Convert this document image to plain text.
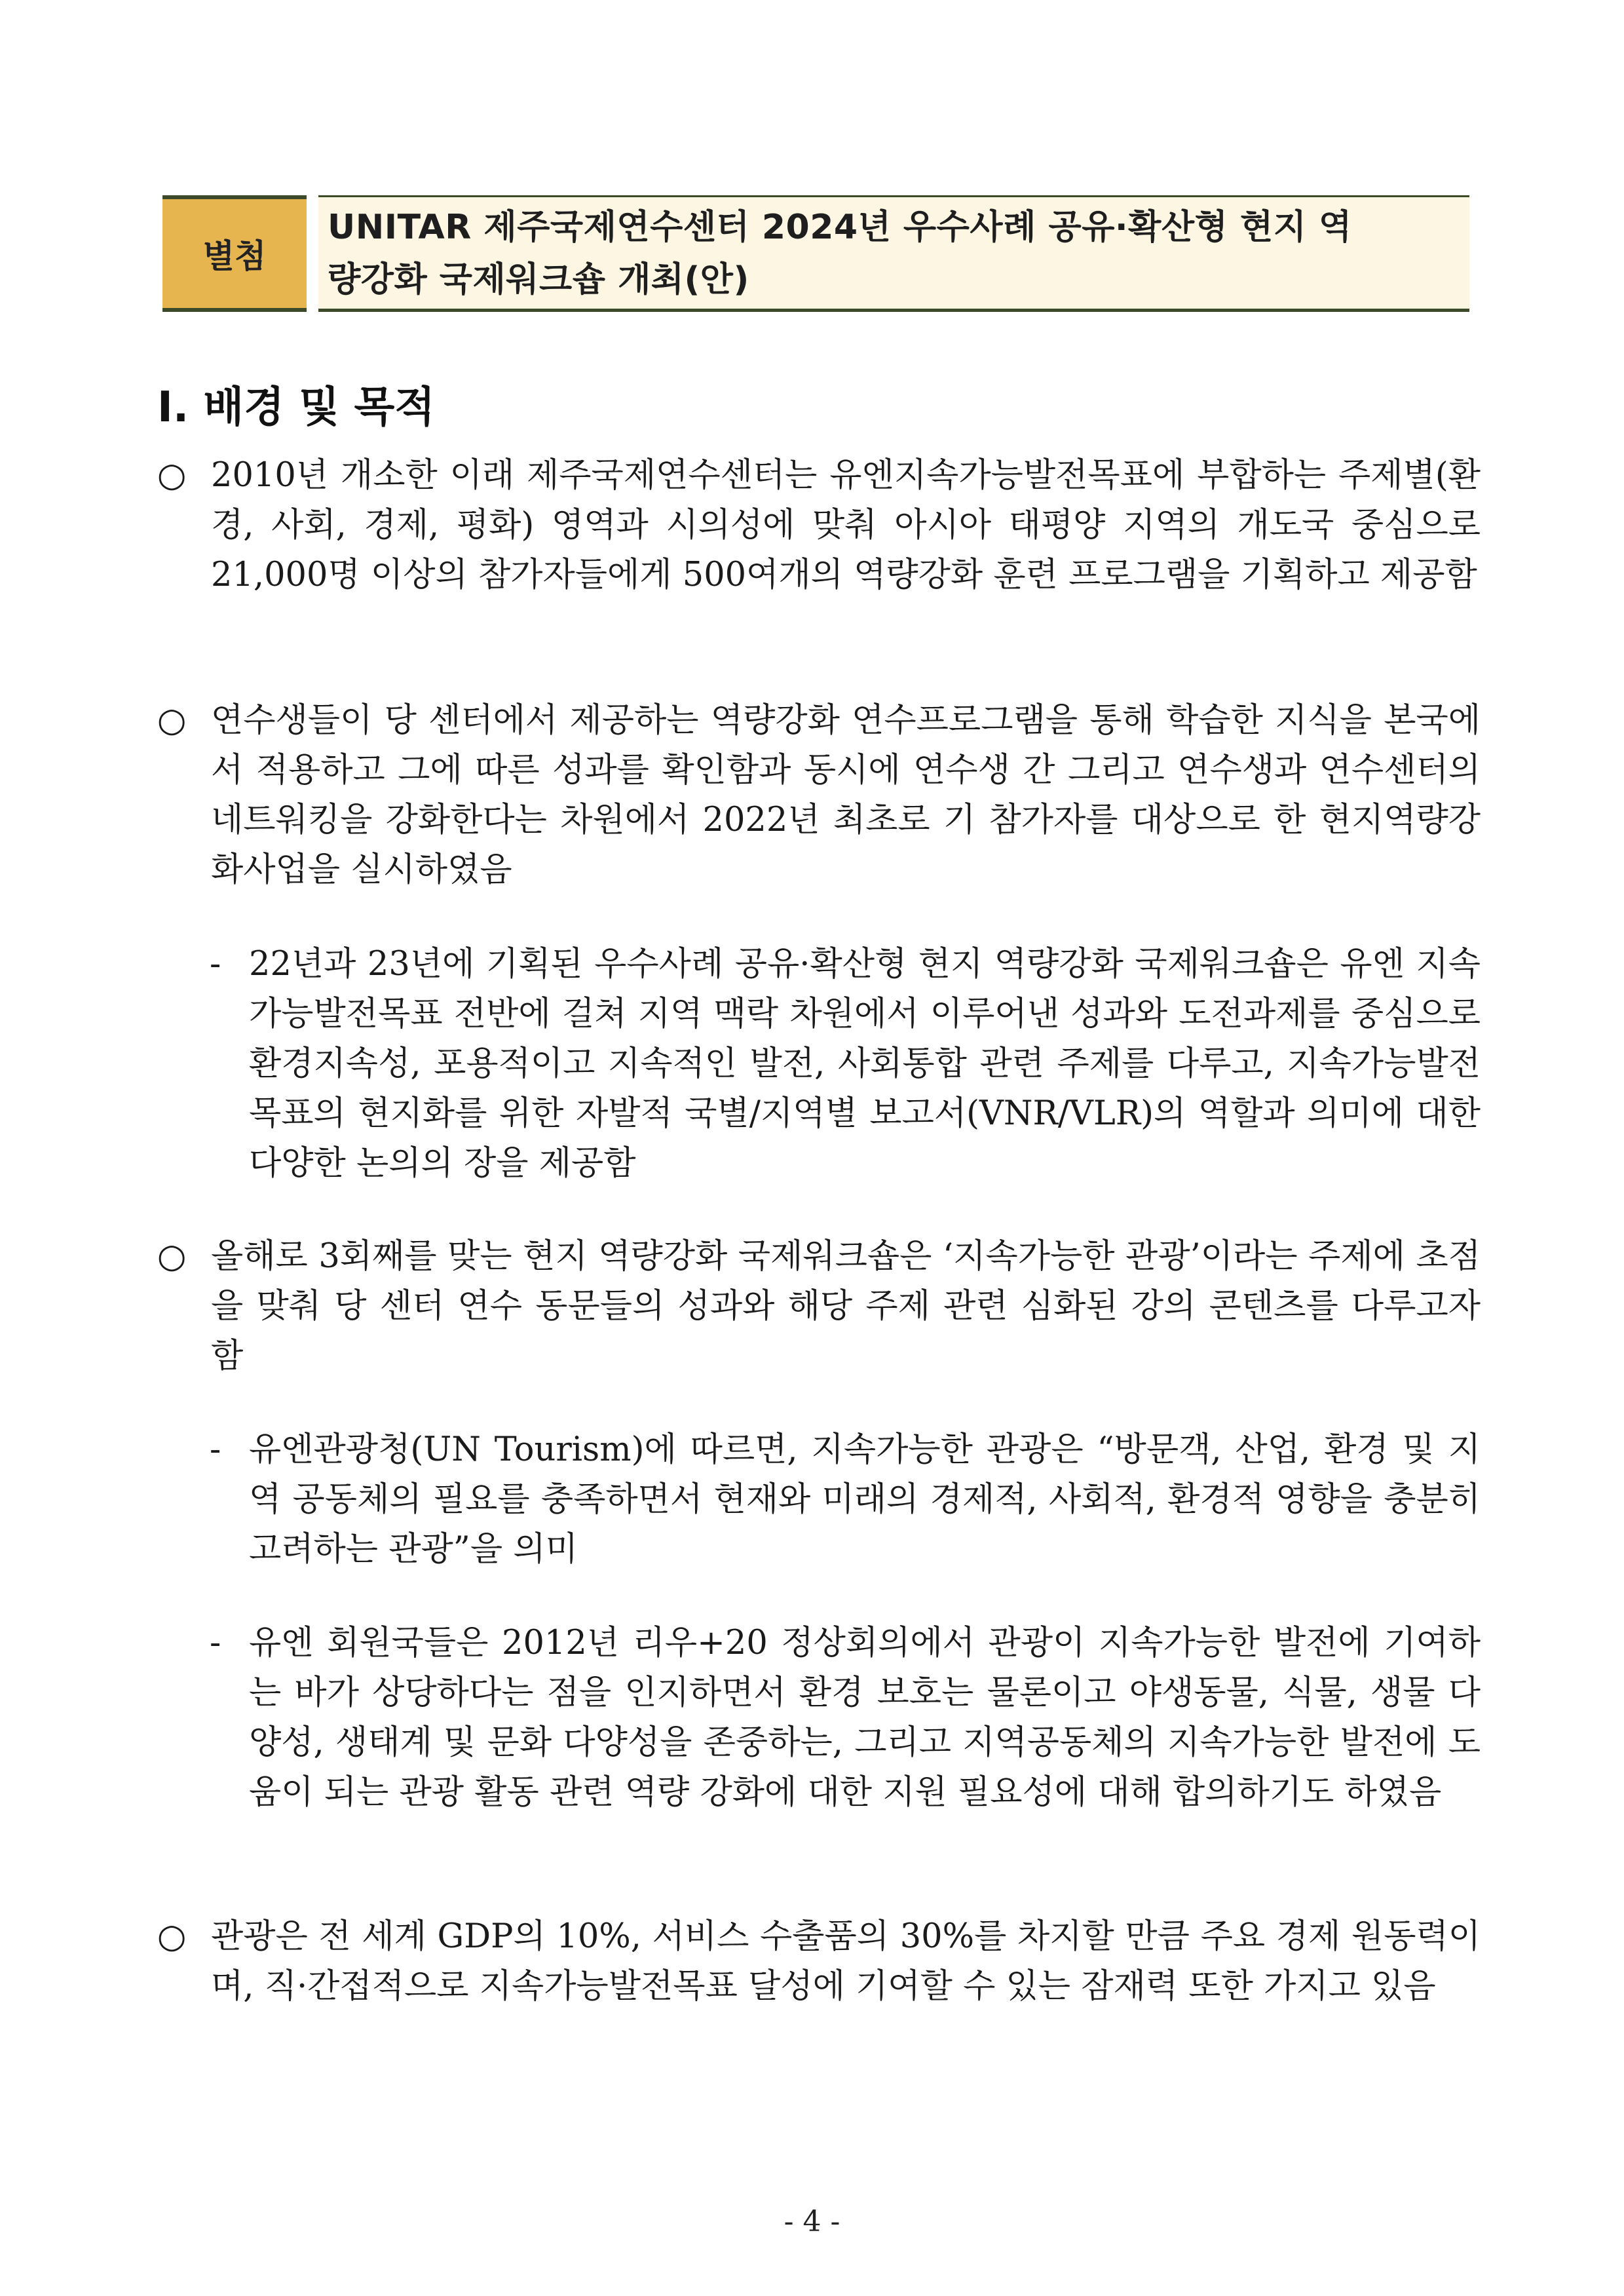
별첨
UNITAR 제주국제연수센터 2024년 우수사례 공유·확산형 현지 역
량강화 국제워크숍 개최(안)
Ⅰ. 배경 및 목적
○ 2010년 개소한 이래 제주국제연수센터는 유엔지속가능발전목표에 부합하는 주제별(환경, 사회, 경제, 평화) 영역과 시의성에 맞춰 아시아 태평양 지역의 개도국 중심으로 21,000명 이상의 참가자들에게 500여개의 역량강화 훈련 프로그램을 기획하고 제공함
○ 연수생들이 당 센터에서 제공하는 역량강화 연수프로그램을 통해 학습한 지식을 본국에서 적용하고 그에 따른 성과를 확인함과 동시에 연수생 간 그리고 연수생과 연수센터의 네트워킹을 강화한다는 차원에서 2022년 최초로 기 참가자를 대상으로 한 현지역량강화사업을 실시하였음
- 22년과 23년에 기획된 우수사례 공유·확산형 현지 역량강화 국제워크숍은 유엔 지속가능발전목표 전반에 걸쳐 지역 맥락 차원에서 이루어낸 성과와 도전과제를 중심으로 환경지속성, 포용적이고 지속적인 발전, 사회통합 관련 주제를 다루고, 지속가능발전목표의 현지화를 위한 자발적 국별/지역별 보고서(VNR/VLR)의 역할과 의미에 대한 다양한 논의의 장을 제공함
○ 올해로 3회째를 맞는 현지 역량강화 국제워크숍은 ‘지속가능한 관광’이라는 주제에 초점을 맞춰 당 센터 연수 동문들의 성과와 해당 주제 관련 심화된 강의 콘텐츠를 다루고자 함
- 유엔관광청(UN Tourism)에 따르면, 지속가능한 관광은 “방문객, 산업, 환경 및 지역 공동체의 필요를 충족하면서 현재와 미래의 경제적, 사회적, 환경적 영향을 충분히 고려하는 관광”을 의미
- 유엔 회원국들은 2012년 리우+20 정상회의에서 관광이 지속가능한 발전에 기여하는 바가 상당하다는 점을 인지하면서 환경 보호는 물론이고 야생동물, 식물, 생물 다양성, 생태계 및 문화 다양성을 존중하는, 그리고 지역공동체의 지속가능한 발전에 도움이 되는 관광 활동 관련 역량 강화에 대한 지원 필요성에 대해 합의하기도 하였음
○ 관광은 전 세계 GDP의 10%, 서비스 수출품의 30%를 차지할 만큼 주요 경제 원동력이며, 직·간접적으로 지속가능발전목표 달성에 기여할 수 있는 잠재력 또한 가지고 있음
- 4 -
